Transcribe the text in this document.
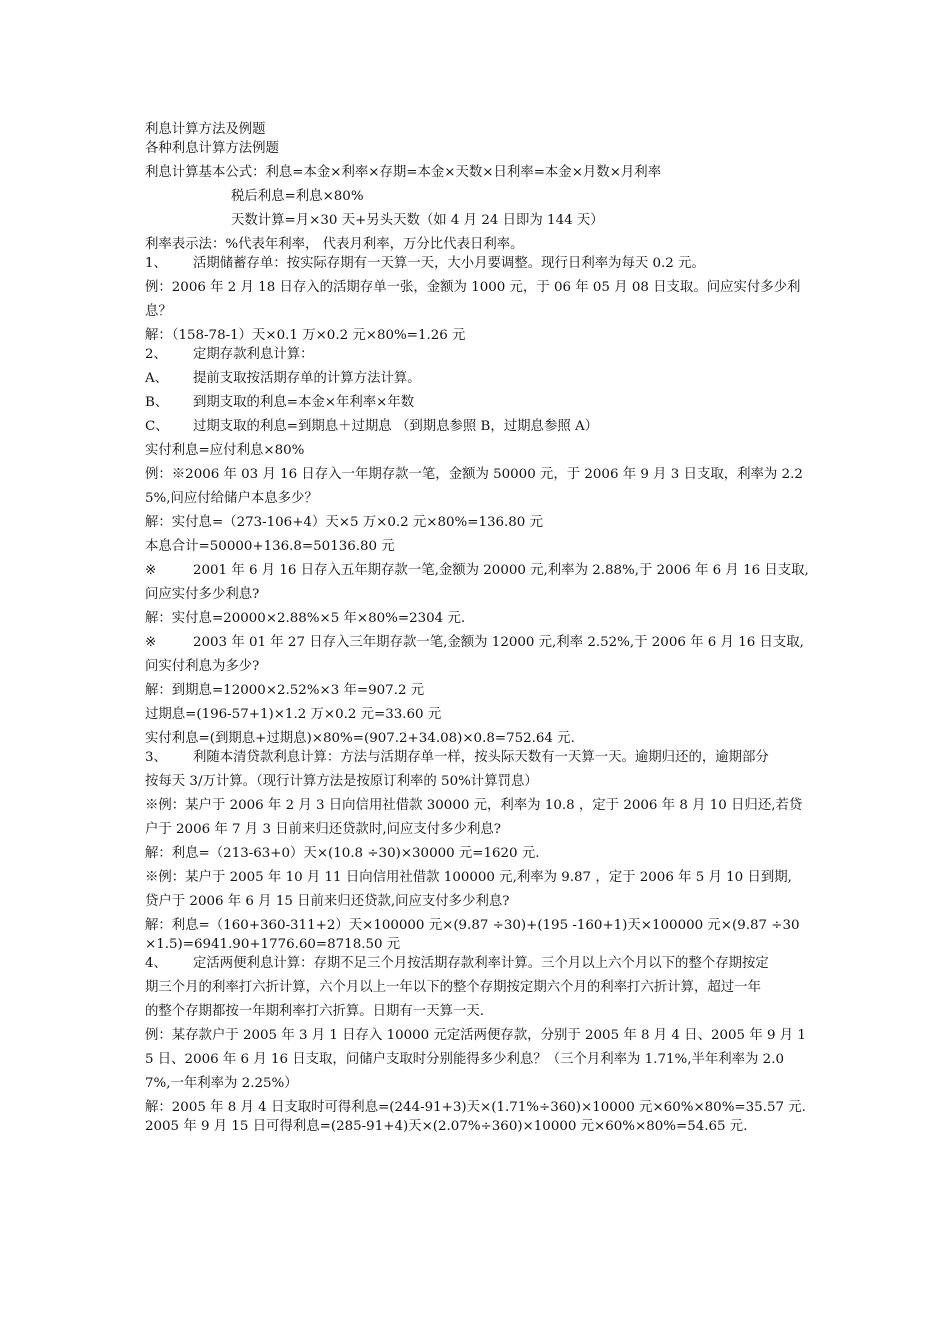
利息计算方法及例题

各种利息计算方法例题

利息计算基本公式：利息=本金×利率×存期=本金×天数×日利率=本金×月数×月利率

税后利息=利息×80%

天数计算=月×30 天+另头天数（如 4 月 24 日即为 144 天）

利率表示法：%代表年利率， 代表月利率，万分比代表日利率。

1、 活期储蓄存单：按实际存期有一天算一天，大小月要调整。现行日利率为每天 0.2 元。

例：2006 年 2 月 18 日存入的活期存单一张，金额为 1000 元，于 06 年 05 月 08 日支取。问应实付多少利

息？

解：（158-78-1）天×0.1 万×0.2 元×80%=1.26 元

2、 定期存款利息计算：

A、 提前支取按活期存单的计算方法计算。

B、 到期支取的利息=本金×年利率×年数

C、 过期支取的利息=到期息＋过期息 （到期息参照 B，过期息参照 A）

实付利息=应付利息×80%

例：※2006 年 03 月 16 日存入一年期存款一笔，金额为 50000 元，于 2006 年 9 月 3 日支取，利率为 2.2

5%,问应付给储户本息多少？

解：实付息=（273-106+4）天×5 万×0.2 元×80%=136.80 元

本息合计=50000+136.8=50136.80 元

※	2001 年 6 月 16 日存入五年期存款一笔,金额为 20000 元,利率为 2.88%,于 2006 年 6 月 16 日支取,

问应实付多少利息?

解：实付息=20000×2.88%×5 年×80%=2304 元.

※	2003 年 01 年 27 日存入三年期存款一笔,金额为 12000 元,利率 2.52%,于 2006 年 6 月 16 日支取,

问实付利息为多少?

解：到期息=12000×2.52%×3 年=907.2 元

过期息=(196-57+1)×1.2 万×0.2 元=33.60 元

实付利息=(到期息+过期息)×80%=(907.2+34.08)×0.8=752.64 元.

3、 利随本清贷款利息计算：方法与活期存单一样，按头际天数有一天算一天。逾期归还的，逾期部分

按每天 3/万计算。（现行计算方法是按原订利率的 50%计算罚息）

※例：某户于 2006 年 2 月 3 日向信用社借款 30000 元，利率为 10.8 ，定于 2006 年 8 月 10 日归还,若贷

户于 2006 年 7 月 3 日前来归还贷款时,问应支付多少利息?

解：利息=（213-63+0）天×(10.8 ÷30)×30000 元=1620 元.

※例：某户于 2005 年 10 月 11 日向信用社借款 100000 元,利率为 9.87 ，定于 2006 年 5 月 10 日到期,

贷户于 2006 年 6 月 15 日前来归还贷款,问应支付多少利息?

解：利息=（160+360-311+2）天×100000 元×(9.87 ÷30)+(195 -160+1)天×100000 元×(9.87 ÷30

×1.5)=6941.90+1776.60=8718.50 元

4、 定活两便利息计算：存期不足三个月按活期存款利率计算。三个月以上六个月以下的整个存期按定

期三个月的利率打六折计算，六个月以上一年以下的整个存期按定期六个月的利率打六折计算，超过一年

的整个存期都按一年期利率打六折算。日期有一天算一天.

例：某存款户于 2005 年 3 月 1 日存入 10000 元定活两便存款，分别于 2005 年 8 月 4 日、2005 年 9 月 1

5 日、2006 年 6 月 16 日支取，问储户支取时分别能得多少利息？（三个月利率为 1.71%,半年利率为 2.0

7%,一年利率为 2.25%）

解：2005 年 8 月 4 日支取时可得利息=(244-91+3)天×(1.71%÷360)×10000 元×60%×80%=35.57 元.

2005 年 9 月 15 日可得利息=(285-91+4)天×(2.07%÷360)×10000 元×60%×80%=54.65 元.
